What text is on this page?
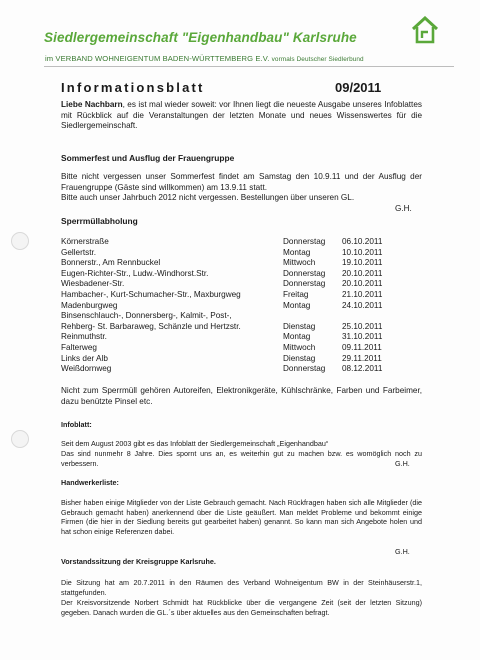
Siedlergemeinschaft "Eigenhandbau" Karlsruhe
im VERBAND WOHNEIGENTUM BADEN-WÜRTTEMBERG E.V. vormals Deutscher Siedlerbund
Informationsblatt	09/2011
Liebe Nachbarn, es ist mal wieder soweit: vor Ihnen liegt die neueste Ausgabe unseres Infoblattes mit Rückblick auf die Veranstaltungen der letzten Monate und neues Wissenswertes für die Siedlergemeinschaft.
Sommerfest und Ausflug der Frauengruppe
Bitte nicht vergessen unser Sommerfest findet am Samstag den 10.9.11 und der Ausflug der Frauengruppe (Gäste sind willkommen) am 13.9.11 statt.
Bitte auch unser Jahrbuch 2012 nicht vergessen. Bestellungen über unseren GL.
G.H.
Sperrmüllabholung
Körnerstraße	Donnerstag 06.10.2011
Gellertstr.	Montag	10.10.2011
Bonnerstr., Am Rennbuckel	Mittwoch	19.10.2011
Eugen-Richter-Str., Ludw.-Windhorst.Str.	Donnerstag 20.10.2011
Wiesbadener-Str.	Donnerstag 20.10.2011
Hambacher-, Kurt-Schumacher-Str., Maxburgweg	Freitag	21.10.2011
Madenburgweg	Montag	24.10.2011
Binsenschlauch-, Donnersberg-, Kalmit-, Post-,
Rehberg- St. Barbaraweg, Schänzle und Hertzstr.	Dienstag	25.10.2011
Reinmuthstr.	Montag	31.10.2011
Falterweg	Mittwoch	09.11.2011
Links der Alb	Dienstag	29.11.2011
Weißdornweg	Donnerstag 08.12.2011
Nicht zum Sperrmüll gehören Autoreifen, Elektronikgeräte, Kühlschränke, Farben und Farbeimer, dazu benützte Pinsel etc.
Infoblatt:
Seit dem August 2003 gibt es das Infoblatt der Siedlergemeinschaft „Eigenhandbau“
Das sind nunmehr 8 Jahre. Dies spornt uns an, es weiterhin gut zu machen bzw. es womöglich noch zu verbessern.	G.H.
Handwerkerliste:
Bisher haben einige Mitglieder von der Liste Gebrauch gemacht. Nach Rückfragen haben sich alle Mitglieder (die Gebrauch gemacht haben) anerkennend über die Liste geäußert. Man meldet Probleme und bekommt einige Firmen (die hier in der Siedlung bereits gut gearbeitet haben) genannt. So kann man sich Angebote holen und hat schon einige Referenzen dabei.
G.H.
Vorstandssitzung der Kreisgruppe Karlsruhe.
Die Sitzung hat am 20.7.2011 in den Räumen des Verband Wohneigentum BW in der Steinhäuserstr.1, stattgefunden.
Der Kreisvorsitzende Norbert Schmidt hat Rückblicke über die vergangene Zeit (seit der letzten Sitzung) gegeben. Danach wurden die GL.´s über aktuelles aus den Gemeinschaften befragt.
